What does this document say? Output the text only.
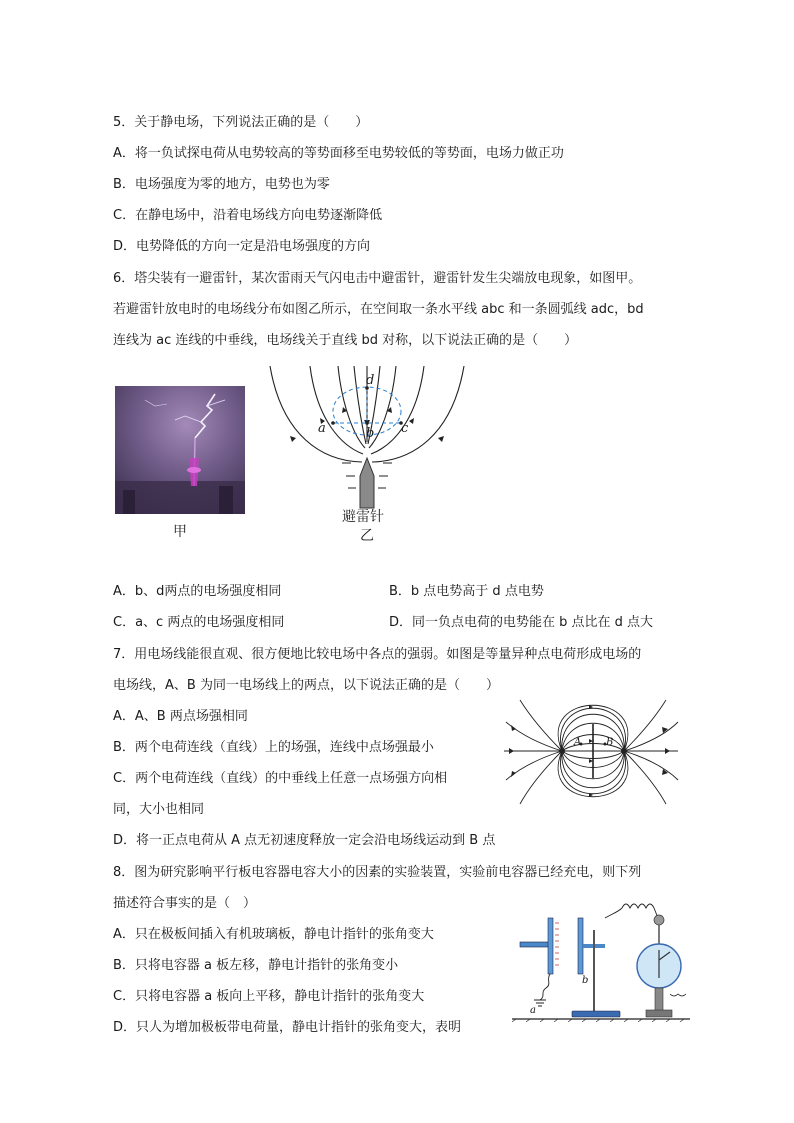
5．关于静电场，下列说法正确的是（　　）
A．将一负试探电荷从电势较高的等势面移至电势较低的等势面，电场力做正功
B．电场强度为零的地方，电势也为零
C．在静电场中，沿着电场线方向电势逐渐降低
D．电势降低的方向一定是沿电场强度的方向
6．塔尖装有一避雷针，某次雷雨天气闪电击中避雷针，避雷针发生尖端放电现象，如图甲。
若避雷针放电时的电场线分布如图乙所示，在空间取一条水平线 abc 和一条圆弧线 adc，bd
连线为 ac 连线的中垂线，电场线关于直线 bd 对称，以下说法正确的是（　　）
甲
d
a	b c
避雷针
乙
A．b、d两点的电场强度相同	B．b 点电势高于 d 点电势
C．a、c 两点的电场强度相同	D．同一负点电荷的电势能在 b 点比在 d 点大
7．用电场线能很直观、很方便地比较电场中各点的强弱。如图是等量异种点电荷形成电场的
电场线，A、B 为同一电场线上的两点，以下说法正确的是（　　）
A．A、B 两点场强相同
B．两个电荷连线（直线）上的场强，连线中点场强最小
C．两个电荷连线（直线）的中垂线上任意一点场强方向相
同，大小也相同
D．将一正点电荷从 A 点无初速度释放一定会沿电场线运动到 B 点
A B
8．图为研究影响平行板电容器电容大小的因素的实验装置，实验前电容器已经充电，则下列
描述符合事实的是（　）
A．只在极板间插入有机玻璃板，静电计指针的张角变大
B．只将电容器 a 板左移，静电计指针的张角变小
C．只将电容器 a 板向上平移，静电计指针的张角变大
D．只人为增加极板带电荷量，静电计指针的张角变大，表明
a
b
